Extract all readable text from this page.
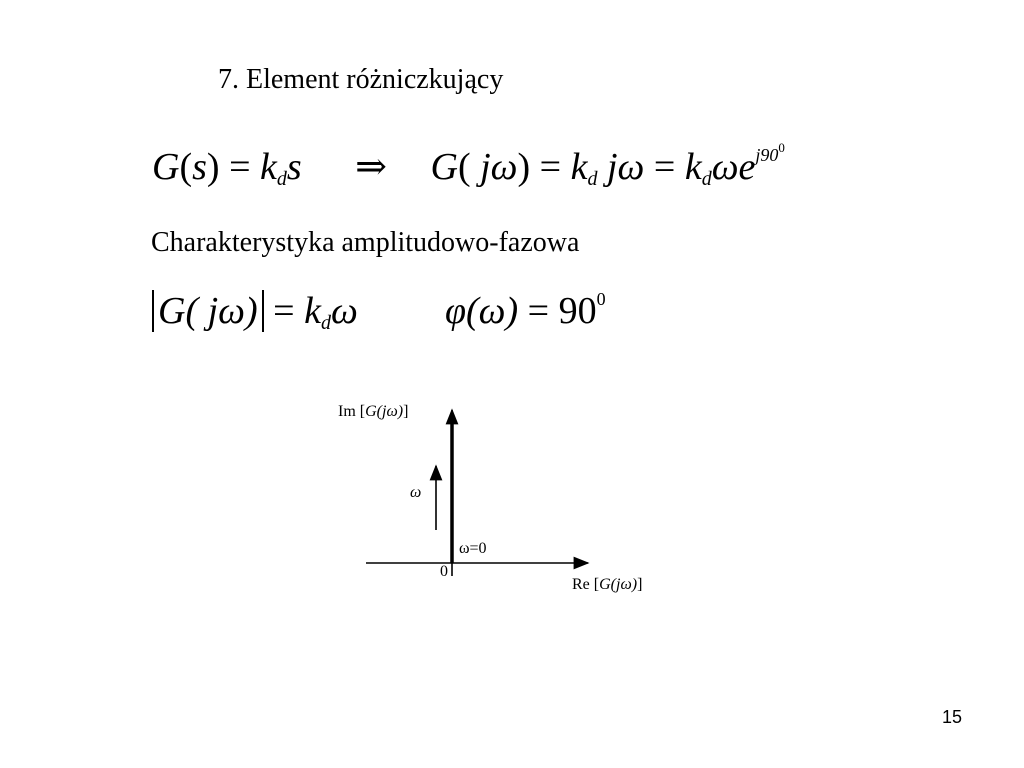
7. Element różniczkujący
$G(s) = k_ds$ ⇒ G( $j\omega) = k_d$ $j\omega = k_d\omega e^{j90^0}$
Charakterystyka amplitudowo-fazowa
G( $j\omega) = k_d\omega$ $\varphi(\omega) = 90^0$
Im [G(jω)]
ω
ω=0
0
Re [G(jω)]
15
